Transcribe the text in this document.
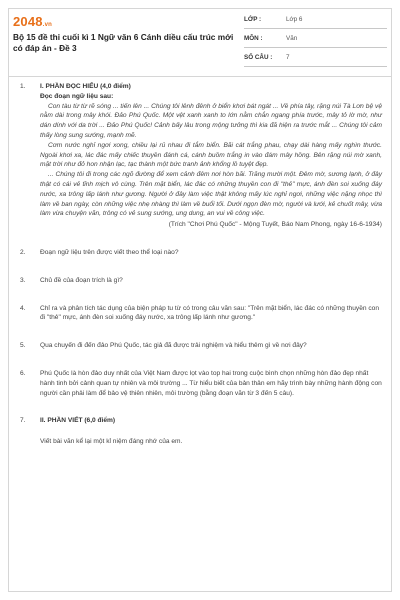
2048.vn
Bộ 15 đề thi cuối kì 1 Ngữ văn 6 Cánh diều cấu trúc mới có đáp án - Đề 3
LỚP :	Lớp 6
MÔN :	Văn
SỐ CÂU : 7
1. I. PHẦN ĐỌC HIỂU (4,0 điểm)

Đọc đoạn ngữ liệu sau:

Con tàu từ từ rẽ sóng ... tiến lên ... Chúng tôi lênh đênh ở biển khơi bát ngát ... Về phía tây, rặng núi Tà Lơn bệ vệ nằm dài trong mây khói. Đảo Phú Quốc. Một vệt xanh xanh to lớn nằm chắn ngang phía trước, mây tỏ lờ mờ, như dán dính với da trời ... Đảo Phú Quốc! Cảnh bấy lâu trong mộng tưởng thì kia đã hiện ra trước mắt ... Chúng tôi cảm thấy lòng sung sướng, mạnh mẽ.

Cơm nước nghỉ ngơi xong, chiều lại rủ nhau đi tắm biển. Bãi cát trắng phau, chạy dài hàng mấy nghìn thước. Ngoài khơi xa, lác đác mấy chiếc thuyền đánh cá, cánh buồm trắng in vào đám mây hồng. Bên rặng núi mờ xanh, mặt trời như đỏ hon nhận lạc, tạc thành một bức tranh ảnh khổng lồ tuyệt đẹp.

... Chúng tôi đi trong các ngõ đường để xem cảnh đêm nơi hòn bãi. Trăng mười một. Đêm mờ, sương lạnh, ở đây thật có cái vẻ tĩnh mịch vô cùng. Trên mặt biển, lác đác có những thuyền con đi "thẻ" mực, ánh đèn soi xuống đáy nước, xa trông lấp lánh như gương. Người ở đây làm việc thật không mấy lúc nghỉ ngơi, những việc nặng nhọc thì làm về ban ngày, còn những việc nhẹ nhàng thì làm về buổi tối. Dưới ngọn đèn mờ, người và lưới, kẻ chuốt mây, vừa làm vừa chuyện vãn, trông có vẻ sung sướng, ung dung, an vui về công việc.

(Trích "Chơi Phú Quốc" - Mộng Tuyết, Báo Nam Phong, ngày 16-6-1934)

2. Đoạn ngữ liệu trên được viết theo thể loại nào?

3. Chủ đề của đoạn trích là gì?

4. Chỉ ra và phân tích tác dụng của biện pháp tu từ có trong câu văn sau: "Trên mặt biển, lác đác có những thuyền con đi "thẻ" mực, ánh đèn soi xuống đáy nước, xa trông lấp lánh như gương."

5. Qua chuyến đi đến đảo Phú Quốc, tác giả đã được trải nghiệm và hiểu thêm gì về nơi đây?

6. Phú Quốc là hòn đảo duy nhất của Việt Nam được lọt vào top hai trong cuộc bình chọn những hòn đảo đẹp nhất hành tinh bởi cảnh quan tự nhiên và môi trường ... Từ hiểu biết của bản thân em hãy trình bày những hành động con người cần phải làm để bảo vệ thiên nhiên, môi trường (bằng đoạn văn từ 3 đến 5 câu).

7. II. PHẦN VIẾT (6,0 điểm)

Viết bài văn kể lại một kỉ niệm đáng nhớ của em.
